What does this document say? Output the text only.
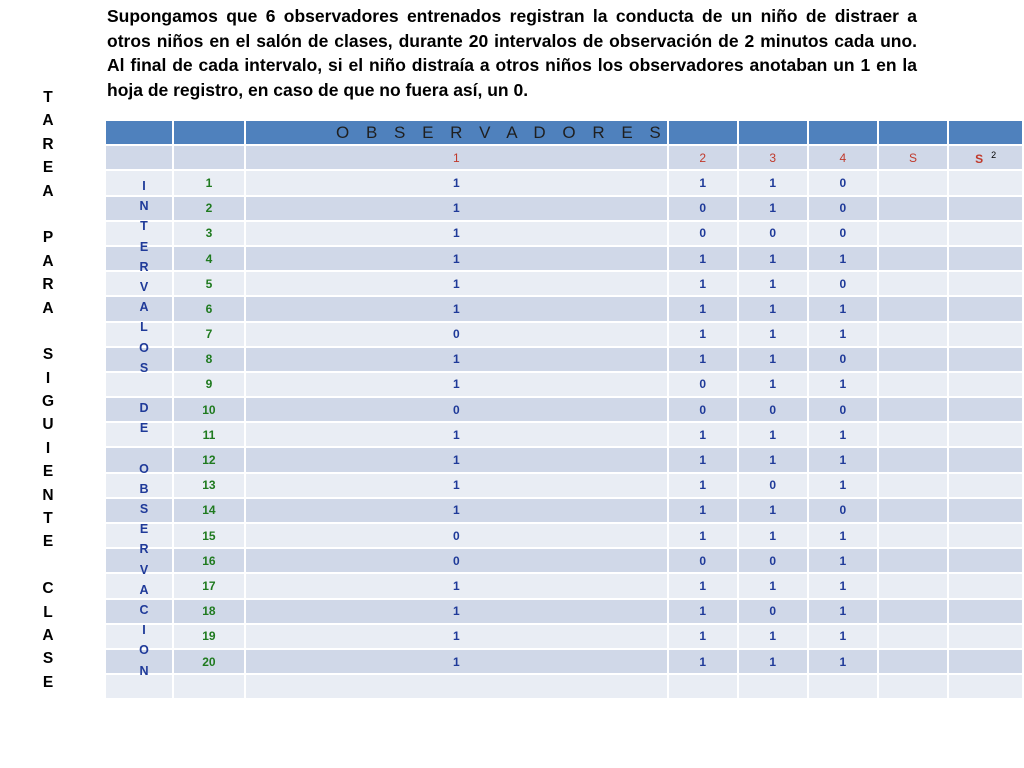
Supongamos que 6 observadores entrenados registran la conducta de un niño de distraer a otros niños en el salón de clases, durante 20 intervalos de observación de 2 minutos cada uno. Al final de cada intervalo, si el niño distraía a otros niños los observadores anotaban un 1 en la hoja de registro, en caso de que no fuera así, un 0.
T
A
R
E
A
P
A
R
A
S
I
G
U
I
E
N
T
E
C
L
A
S
E
		O B S E R V A D O R E S					
		1	2	3	4	S	S $^2$
	1	1	1	1	0		
	2	1	0	1	0		
	3	1	0	0	0		
	4	1	1	1	1		
	5	1	1	1	0		
	6	1	1	1	1		
	7	0	1	1	1		
	8	1	1	1	0		
	9	1	0	1	1		
	10	0	0	0	0		
	11	1	1	1	1		
	12	1	1	1	1		
	13	1	1	0	1		
	14	1	1	1	0		
	15	0	1	1	1		
	16	0	0	0	1		
	17	1	1	1	1		
	18	1	1	0	1		
	19	1	1	1	1		
	20	1	1	1	1		

I
N
T
E
R
V
A
L
O
S
D
E
O
B
S
E
R
V
A
C
I
O
N
